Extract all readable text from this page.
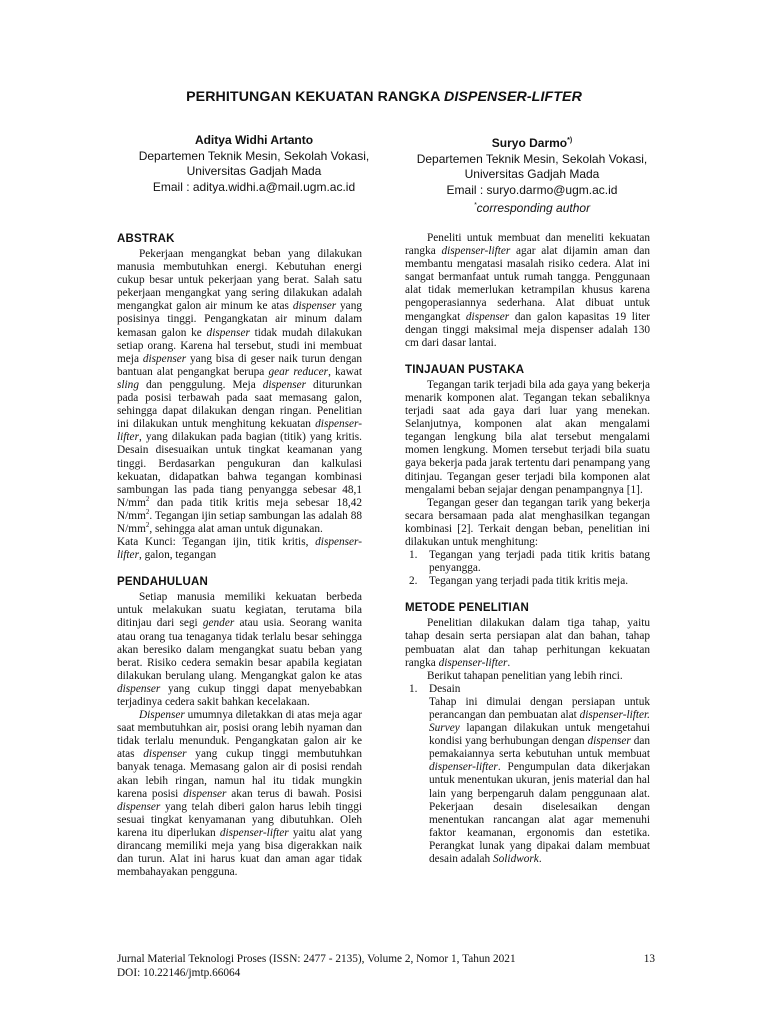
PERHITUNGAN KEKUATAN RANGKA DISPENSER-LIFTER
Aditya Widhi Artanto
Departemen Teknik Mesin, Sekolah Vokasi,
Universitas Gadjah Mada
Email : aditya.widhi.a@mail.ugm.ac.id
Suryo Darmo*)
Departemen Teknik Mesin, Sekolah Vokasi,
Universitas Gadjah Mada
Email : suryo.darmo@ugm.ac.id
*corresponding author
ABSTRAK

Pekerjaan mengangkat beban yang dilakukan manusia membutuhkan energi. Kebutuhan energi cukup besar untuk pekerjaan yang berat. Salah satu pekerjaan mengangkat yang sering dilakukan adalah mengangkat galon air minum ke atas dispenser yang posisinya tinggi. Pengangkatan air minum dalam kemasan galon ke dispenser tidak mudah dilakukan setiap orang. Karena hal tersebut, studi ini membuat meja dispenser yang bisa di geser naik turun dengan bantuan alat pengangkat berupa gear reducer, kawat sling dan penggulung. Meja dispenser diturunkan pada posisi terbawah pada saat memasang galon, sehingga dapat dilakukan dengan ringan. Penelitian ini dilakukan untuk menghitung kekuatan dispenser-lifter, yang dilakukan pada bagian (titik) yang kritis. Desain disesuaikan untuk tingkat keamanan yang tinggi. Berdasarkan pengukuran dan kalkulasi kekuatan, didapatkan bahwa tegangan kombinasi sambungan las pada tiang penyangga sebesar 48,1 $N/mm^2$ dan pada titik kritis meja sebesar 18,42 $N/mm^2$. Tegangan ijin setiap sambungan las adalah 88 $N/mm^2$, sehingga alat aman untuk digunakan.

Kata Kunci: Tegangan ijin, titik kritis, dispenser-lifter, galon, tegangan

PENDAHULUAN

Setiap manusia memiliki kekuatan berbeda untuk melakukan suatu kegiatan, terutama bila ditinjau dari segi gender atau usia. Seorang wanita atau orang tua tenaganya tidak terlalu besar sehingga akan beresiko dalam mengangkat suatu beban yang berat. Risiko cedera semakin besar apabila kegiatan dilakukan berulang ulang. Mengangkat galon ke atas dispenser yang cukup tinggi dapat menyebabkan terjadinya cedera sakit bahkan kecelakaan.

Dispenser umumnya diletakkan di atas meja agar saat membutuhkan air, posisi orang lebih nyaman dan tidak terlalu menunduk. Pengangkatan galon air ke atas dispenser yang cukup tinggi membutuhkan banyak tenaga. Memasang galon air di posisi rendah akan lebih ringan, namun hal itu tidak mungkin karena posisi dispenser akan terus di bawah. Posisi dispenser yang telah diberi galon harus lebih tinggi sesuai tingkat kenyamanan yang dibutuhkan. Oleh karena itu diperlukan dispenser-lifter yaitu alat yang dirancang memiliki meja yang bisa digerakkan naik dan turun. Alat ini harus kuat dan aman agar tidak membahayakan pengguna.

Peneliti untuk membuat dan meneliti kekuatan rangka dispenser-lifter agar alat dijamin aman dan membantu mengatasi masalah risiko cedera. Alat ini sangat bermanfaat untuk rumah tangga. Penggunaan alat tidak memerlukan ketrampilan khusus karena pengoperasiannya sederhana. Alat dibuat untuk mengangkat dispenser dan galon kapasitas 19 liter dengan tinggi maksimal meja dispenser adalah 130 cm dari dasar lantai.

TINJAUAN PUSTAKA

Tegangan tarik terjadi bila ada gaya yang bekerja menarik komponen alat. Tegangan tekan sebaliknya terjadi saat ada gaya dari luar yang menekan. Selanjutnya, komponen alat akan mengalami tegangan lengkung bila alat tersebut mengalami momen lengkung. Momen tersebut terjadi bila suatu gaya bekerja pada jarak tertentu dari penampang yang ditinjau. Tegangan geser terjadi bila komponen alat mengalami beban sejajar dengan penampangnya [1].

Tegangan geser dan tegangan tarik yang bekerja secara bersamaan pada alat menghasilkan tegangan kombinasi [2]. Terkait dengan beban, penelitian ini dilakukan untuk menghitung:

1. Tegangan yang terjadi pada titik kritis batang penyangga.
2. Tegangan yang terjadi pada titik kritis meja.
METODE PENELITIAN

Penelitian dilakukan dalam tiga tahap, yaitu tahap desain serta persiapan alat dan bahan, tahap pembuatan alat dan tahap perhitungan kekuatan rangka dispenser-lifter.

Berikut tahapan penelitian yang lebih rinci.

1. Desain

Tahap ini dimulai dengan persiapan untuk perancangan dan pembuatan alat dispenser-lifter. Survey lapangan dilakukan untuk mengetahui kondisi yang berhubungan dengan dispenser dan pemakaiannya serta kebutuhan untuk membuat dispenser-lifter. Pengumpulan data dikerjakan untuk menentukan ukuran, jenis material dan hal lain yang berpengaruh dalam penggunaan alat. Pekerjaan desain diselesaikan dengan menentukan rancangan alat agar memenuhi faktor keamanan, ergonomis dan estetika. Perangkat lunak yang dipakai dalam membuat desain adalah Solidwork.

Jurnal Material Teknologi Proses (ISSN: 2477 - 2135), Volume 2, Nomor 1, Tahun 2021
DOI: 10.22146/jmtp.66064
13
